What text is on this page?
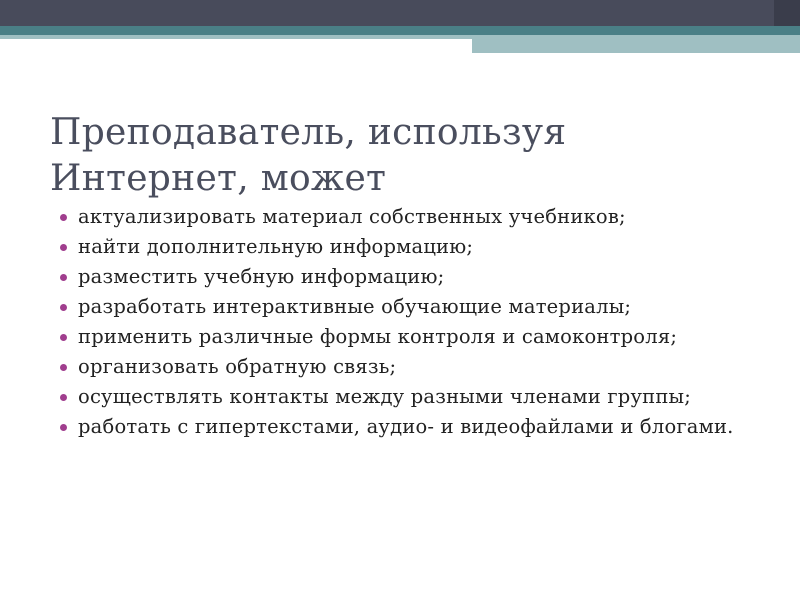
Преподаватель, используя
Интернет, может
актуализировать материал собственных учебников;
найти дополнительную информацию;
разместить учебную информацию;
разработать интерактивные обучающие материалы;
применить различные формы контроля и самоконтроля;
организовать обратную связь;
осуществлять контакты между разными членами группы;
работать с гипертекстами, аудио- и видеофайлами и блогами.
